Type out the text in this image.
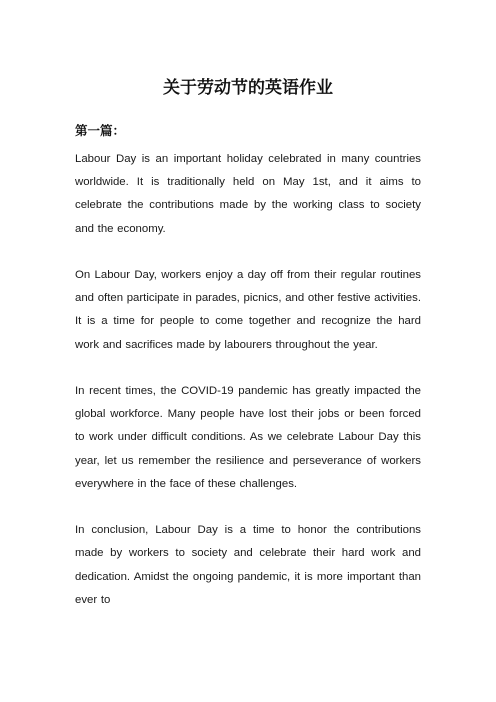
关于劳动节的英语作业
第一篇：

Labour Day is an important holiday celebrated in many countries worldwide. It is traditionally held on May 1st, and it aims to celebrate the contributions made by the working class to society and the economy.

On Labour Day, workers enjoy a day off from their regular routines and often participate in parades, picnics, and other festive activities. It is a time for people to come together and recognize the hard work and sacrifices made by labourers throughout the year.

In recent times, the COVID-19 pandemic has greatly impacted the global workforce. Many people have lost their jobs or been forced to work under difficult conditions. As we celebrate Labour Day this year, let us remember the resilience and perseverance of workers everywhere in the face of these challenges.

In conclusion, Labour Day is a time to honor the contributions made by workers to society and celebrate their hard work and dedication. Amidst the ongoing pandemic, it is more important than ever to
